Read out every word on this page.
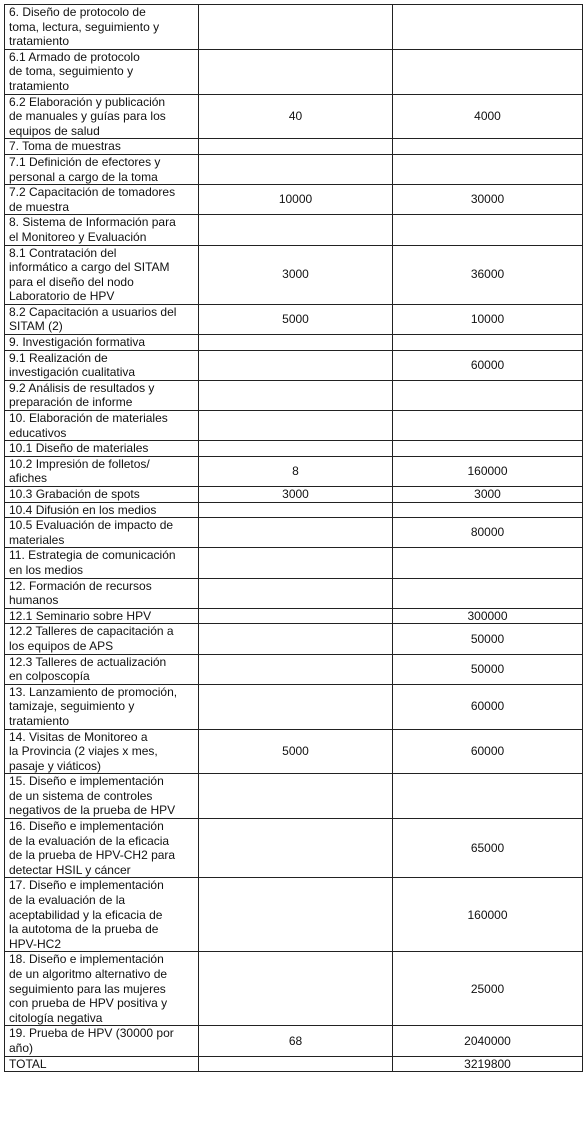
6. Diseño de protocolo de
toma, lectura, seguimiento y
tratamiento		
6.1 Armado de protocolo
de toma, seguimiento y
tratamiento		
6.2 Elaboración y publicación
de manuales y guías para los
equipos de salud	40	4000
7. Toma de muestras		
7.1 Definición de efectores y
personal a cargo de la toma		
7.2 Capacitación de tomadores
de muestra	10000	30000
8. Sistema de Información para
el Monitoreo y Evaluación		
8.1 Contratación del
informático a cargo del SITAM
para el diseño del nodo
Laboratorio de HPV	3000	36000
8.2 Capacitación a usuarios del
SITAM (2)	5000	10000
9. Investigación formativa		
9.1 Realización de
investigación cualitativa		60000
9.2 Análisis de resultados y
preparación de informe		
10. Elaboración de materiales
educativos		
10.1 Diseño de materiales		
10.2 Impresión de folletos/
afiches	8	160000
10.3 Grabación de spots	3000	3000
10.4 Difusión en los medios		
10.5 Evaluación de impacto de
materiales		80000
11. Estrategia de comunicación
en los medios		
12. Formación de recursos
humanos		
12.1 Seminario sobre HPV		300000
12.2 Talleres de capacitación a
los equipos de APS		50000
12.3 Talleres de actualización
en colposcopía		50000
13. Lanzamiento de promoción,
tamizaje, seguimiento y
tratamiento		60000
14. Visitas de Monitoreo a
la Provincia (2 viajes x mes,
pasaje y viáticos)	5000	60000
15. Diseño e implementación
de un sistema de controles
negativos de la prueba de HPV		
16. Diseño e implementación
de la evaluación de la eficacia
de la prueba de HPV-CH2 para
detectar HSIL y cáncer		65000
17. Diseño e implementación
de la evaluación de la
aceptabilidad y la eficacia de
la autotoma de la prueba de
HPV-HC2		160000
18. Diseño e implementación
de un algoritmo alternativo de
seguimiento para las mujeres
con prueba de HPV positiva y
citología negativa		25000
19. Prueba de HPV (30000 por
año)	68	2040000
TOTAL		3219800
